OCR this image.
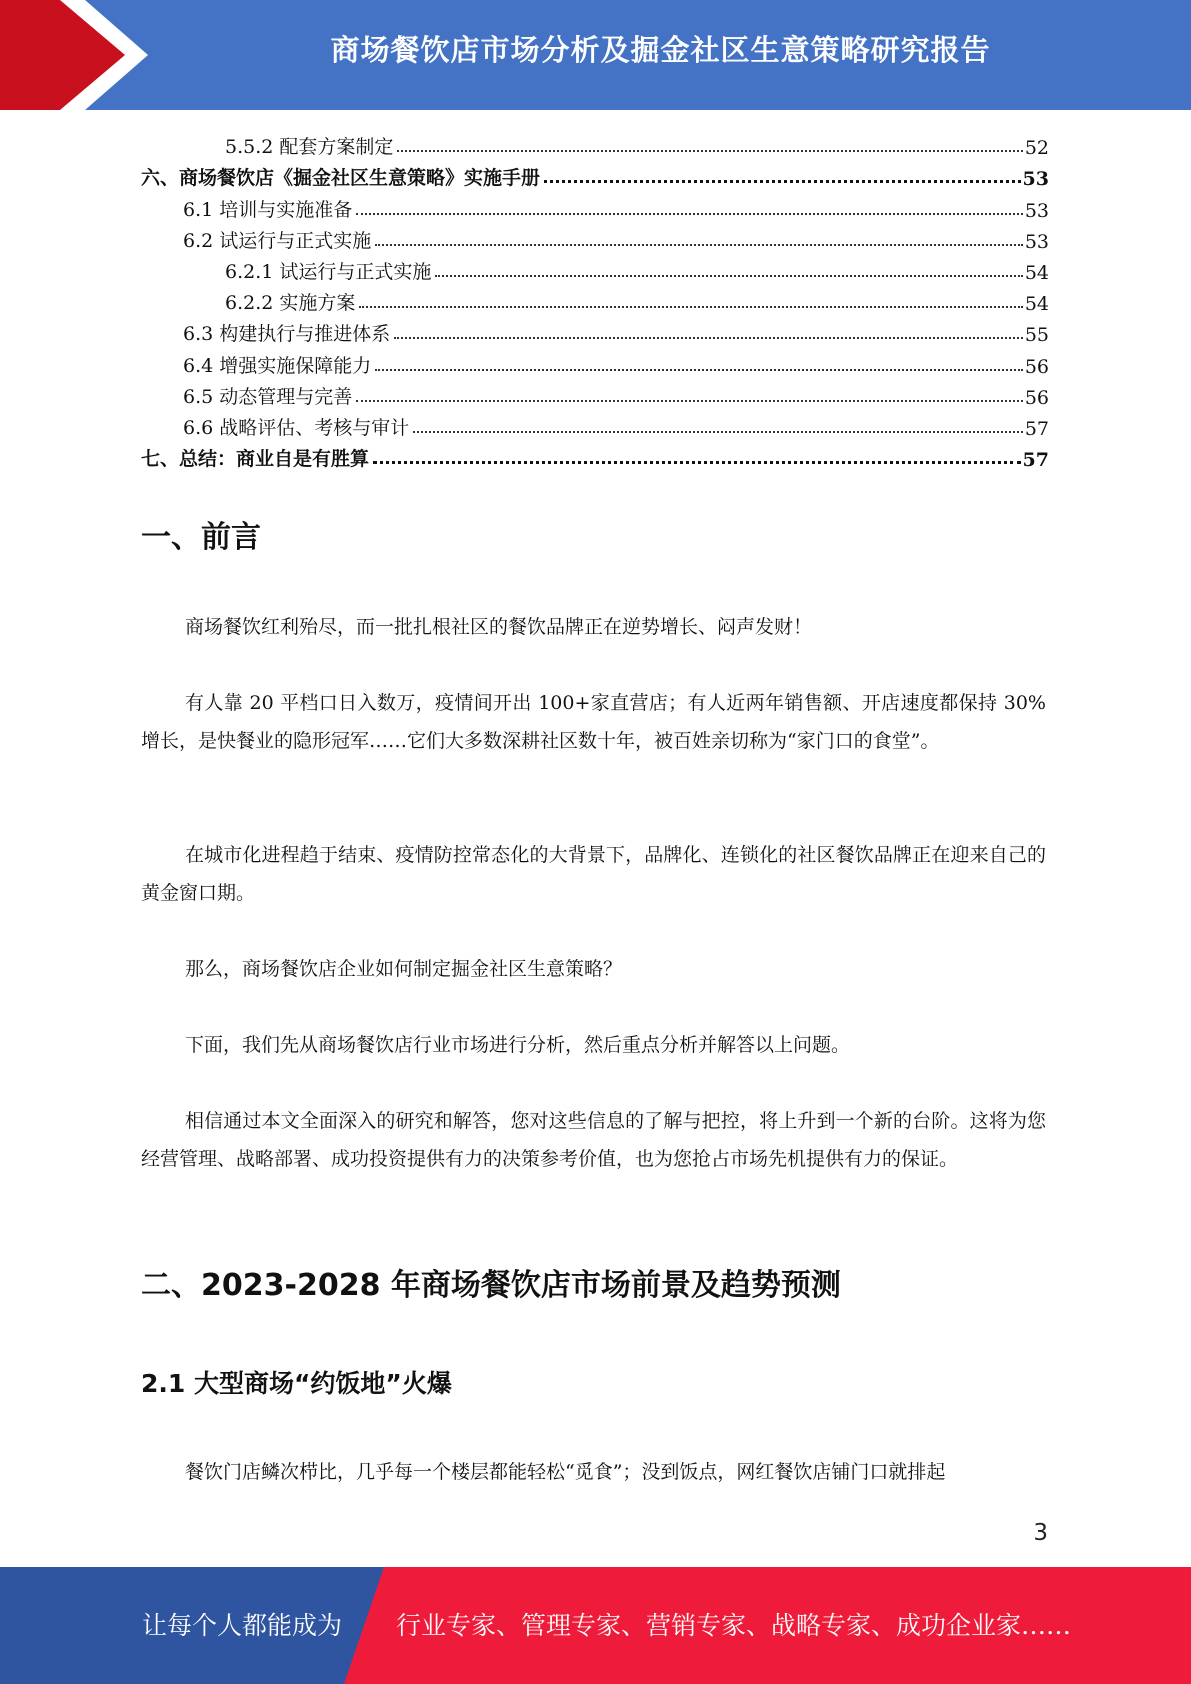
商场餐饮店市场分析及掘金社区生意策略研究报告
5.5.2 配套方案制定	52
六、商场餐饮店《掘金社区生意策略》实施手册	53
6.1 培训与实施准备	53
6.2 试运行与正式实施	53
6.2.1 试运行与正式实施	54
6.2.2 实施方案	54
6.3 构建执行与推进体系	55
6.4 增强实施保障能力	56
6.5 动态管理与完善	56
6.6 战略评估、考核与审计	57
七、总结：商业自是有胜算	57
一、前言
商场餐饮红利殆尽，而一批扎根社区的餐饮品牌正在逆势增长、闷声发财！
有人靠 20 平档口日入数万，疫情间开出 100+家直营店；有人近两年销售额、开店速度都保持 30%增长，是快餐业的隐形冠军……它们大多数深耕社区数十年，被百姓亲切称为“家门口的食堂”。
在城市化进程趋于结束、疫情防控常态化的大背景下，品牌化、连锁化的社区餐饮品牌正在迎来自己的黄金窗口期。
那么，商场餐饮店企业如何制定掘金社区生意策略？
下面，我们先从商场餐饮店行业市场进行分析，然后重点分析并解答以上问题。
相信通过本文全面深入的研究和解答，您对这些信息的了解与把控，将上升到一个新的台阶。这将为您经营管理、战略部署、成功投资提供有力的决策参考价值，也为您抢占市场先机提供有力的保证。
二、2023-2028 年商场餐饮店市场前景及趋势预测
2.1 大型商场“约饭地”火爆
餐饮门店鳞次栉比，几乎每一个楼层都能轻松“觅食”；没到饭点，网红餐饮店铺门口就排起
3
让每个人都能成为 行业专家、管理专家、营销专家、战略专家、成功企业家……
